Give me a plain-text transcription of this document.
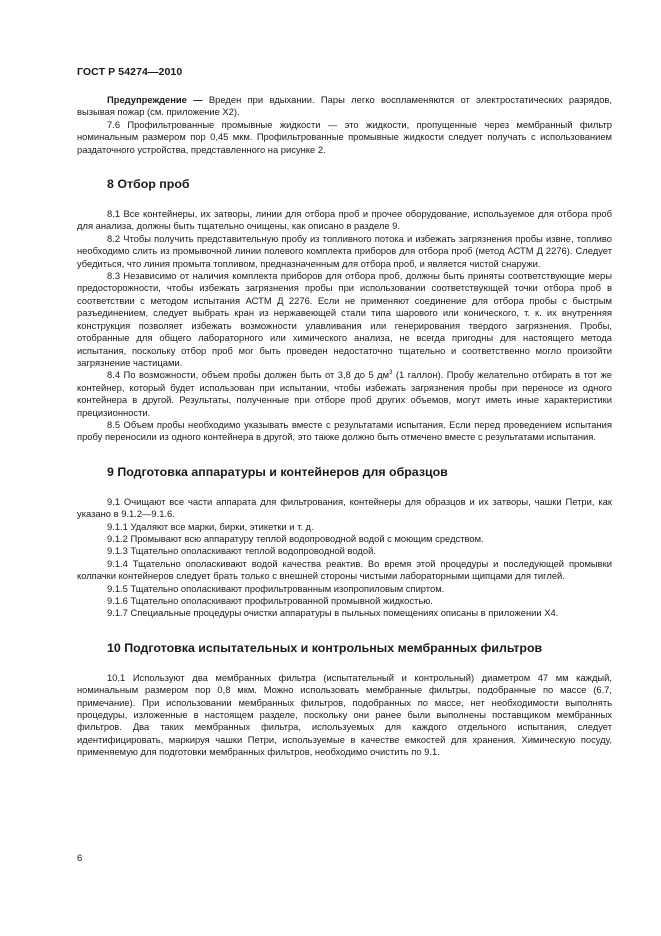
ГОСТ Р 54274—2010

Предупреждение — Вреден при вдыхании. Пары легко воспламеняются от электростатических разрядов, вызывая пожар (см. приложение Х2).

7.6 Профильтрованные промывные жидкости — это жидкости, пропущенные через мембранный фильтр номинальным размером пор 0,45 мкм. Профильтрованные промывные жидкости следует получать с использованием раздаточного устройства, представленного на рисунке 2.

8 Отбор проб

8.1 Все контейнеры, их затворы, линии для отбора проб и прочее оборудование, используемое для отбора проб для анализа, должны быть тщательно очищены, как описано в разделе 9.

8.2 Чтобы получить представительную пробу из топливного потока и избежать загрязнения пробы извне, топливо необходимо слить из промывочной линии полевого комплекта приборов для отбора проб (метод АСТМ Д 2276). Следует убедиться, что линия промыта топливом, предназначенным для отбора проб, и является чистой снаружи.

8.3 Независимо от наличия комплекта приборов для отбора проб, должны быть приняты соответствующие меры предосторожности, чтобы избежать загрязнения пробы при использовании соответствующей точки отбора проб в соответствии с методом испытания АСТМ Д 2276. Если не применяют соединение для отбора пробы с быстрым разъединением, следует выбрать кран из нержавеющей стали типа шарового или конического, т. к. их внутренняя конструкция позволяет избежать возможности улавливания или генерирования твердого загрязнения. Пробы, отобранные для общего лабораторного или химического анализа, не всегда пригодны для настоящего метода испытания, поскольку отбор проб мог быть проведен недостаточно тщательно и соответственно могло произойти загрязнение частицами.

8.4 По возможности, объем пробы должен быть от 3,8 до 5 $дм^3$ (1 галлон). Пробу желательно отбирать в тот же контейнер, который будет использован при испытании, чтобы избежать загрязнения пробы при переносе из одного контейнера в другой. Результаты, полученные при отборе проб других объемов, могут иметь иные характеристики прецизионности.

8.5 Объем пробы необходимо указывать вместе с результатами испытания. Если перед проведением испытания пробу переносили из одного контейнера в другой, это также должно быть отмечено вместе с результатами испытания.

9 Подготовка аппаратуры и контейнеров для образцов

9.1 Очищают все части аппарата для фильтрования, контейнеры для образцов и их затворы, чашки Петри, как указано в 9.1.2—9.1.6.

9.1.1 Удаляют все марки, бирки, этикетки и т. д.

9.1.2 Промывают всю аппаратуру теплой водопроводной водой с моющим средством.

9.1.3 Тщательно ополаскивают теплой водопроводной водой.

9.1.4 Тщательно ополаскивают водой качества реактив. Во время этой процедуры и последующей промывки колпачки контейнеров следует брать только с внешней стороны чистыми лабораторными щипцами для тиглей.

9.1.5 Тщательно ополаскивают профильтрованным изопропиловым спиртом.

9.1.6 Тщательно ополаскивают профильтрованной промывной жидкостью.

9.1.7 Специальные процедуры очистки аппаратуры в пыльных помещениях описаны в приложении Х4.

10 Подготовка испытательных и контрольных мембранных фильтров

10.1 Используют два мембранных фильтра (испытательный и контрольный) диаметром 47 мм каждый, номинальным размером пор 0,8 мкм. Можно использовать мембранные фильтры, подобранные по массе (6.7, примечание). При использовании мембранных фильтров, подобранных по массе, нет необходимости выполнять процедуры, изложенные в настоящем разделе, поскольку они ранее были выполнены поставщиком мембранных фильтров. Два таких мембранных фильтра, используемых для каждого отдельного испытания, следует идентифицировать, маркируя чашки Петри, используемые в качестве емкостей для хранения. Химическую посуду, применяемую для подготовки мембранных фильтров, необходимо очистить по 9.1.

6
